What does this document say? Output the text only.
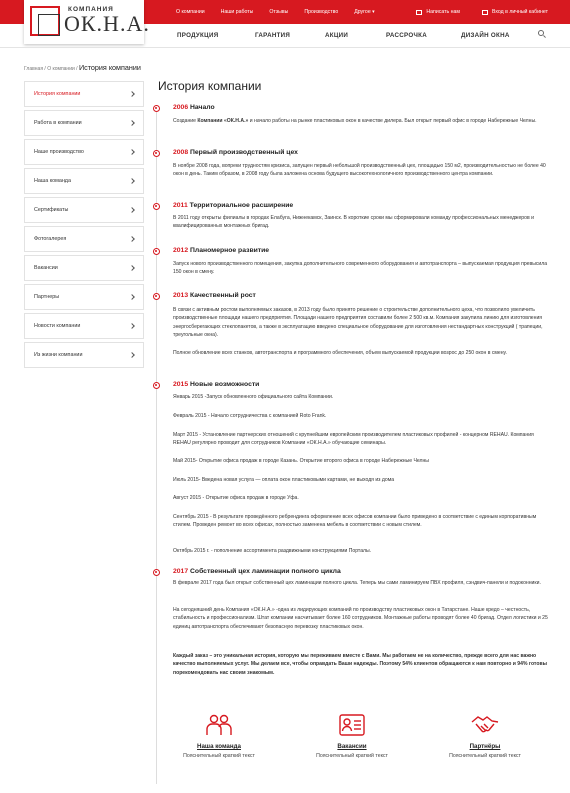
О компании	Наши работы	Отзывы	Производство	Другое ▾	Написать нам	Вход в личный кабинет
КОМПАНИЯ
ОК.Н.А.	ПРОДУКЦИЯ	ГАРАНТИЯ	АКЦИИ	РАССРОЧКА	ДИЗАЙН ОКНА
Главная / О компании / История компании
История компании
Работа в компании
Наше производство
Наша команда
Сертификаты
Фотогалерея
Вакансии
Партнеры
Новости компании
Из жизни компании
История компании
2006 Начало
Создание Компании «ОК.Н.А.» и начало работы на рынке пластиковых окон в качестве дилера. Был открыт первый офис в городе Набережные Челны.
2008 Первый производственный цех
В ноябре 2008 года, вопреки трудностям кризиса, запущен первый небольшой производственный цех, площадью 150 м2, производительностью не более 40 окон в день. Таким образом, в 2008 году была заложена основа будущего высокотехнологичного производственного центра компании.
2011 Территориальное расширение
В 2011 году открыты филиалы в городах Елабуга, Нижнекамск, Заинск. В короткие сроки мы сформировали команду профессиональных менеджеров и квалифицированных монтажных бригад.
2012 Планомерное развитие
Запуск нового производственного помещения, закупка дополнительного современного оборудования и автотранспорта – выпускаемая продукция превысила 150 окон в смену.
2013 Качественный рост
В связи с активным ростом выполняемых заказов, в 2013 году было принято решение о строительстве дополнительного цеха, что позволило увеличить производственные площади нашего предприятия. Площади нашего предприятия составили более 2 500 кв.м. Компания закупила линию для изготовления энергосберегающих стеклопакетов, а также в эксплуатацию введено специальное оборудование для изготовления нестандартных конструкций ( трапеции, треугольные окна).
Полное обновление всех станков, автотранспорта и программного обеспечения, объем выпускаемой продукции возрос до 250 окон в смену.
2015 Новые возможности
Январь 2015 -Запуск обновленного официального сайта Компании.
Февраль 2015 - Начало сотрудничества с компанией Roto Frank.
Март 2015 - Установление партнерских отношений с крупнейшим европейским производителем пластиковых профилей - концерном REHAU. Компания REHAU регулярно проводит для сотрудников Компании «ОК.Н.А.» обучающие семинары.
Май 2015- Открытие офиса продаж в городе Казань. Открытие второго офиса в городе Набережные Челны
Июль 2015- Введена новая услуга — оплата окон пластиковыми картами, не выходя из дома
Август 2015 - Открытие офиса продаж в городе Уфа.
Сентябрь 2015 - В результате проведённого ребрендинга оформление всех офисов компании было приведено в соответствие с единым корпоративным стилем. Проведен ремонт во всех офисах, полностью заменена мебель в соответствии с новым стилем.
Октябрь 2015 г. - пополнение ассортимента раздвижными конструкциями Порталы.
2017 Собственный цех ламинации полного цикла
В феврале 2017 года был открыт собственный цех ламинации полного цикла. Теперь мы сами ламинируем ПВХ профиля, сэндвич-панели и подоконники.
На сегодняшний день Компания «ОК.Н.А.» -одна из лидирующих компаний по производству пластиковых окон в Татарстане. Наше кредо – честность, стабильность и профессионализм. Штат компании насчитывает более 160 сотрудников. Монтажные работы проводят более 40 бригад. Отдел логистики и 25 единиц автотранспорта обеспечивают безопасную перевозку пластиковых окон.
Каждый заказ – это уникальная история, которую мы переживаем вместе с Вами. Мы работаем не на количество, прежде всего для нас важно качество выполняемых услуг. Мы делаем все, чтобы оправдать Ваши надежды. Поэтому 54% клиентов обращаются к нам повторно и 94% готовы порекомендовать нас своим знакомым.
Наша команда
Пояснительный краткий текст
Вакансии
Пояснительный краткий текст
Партнёры
Пояснительный краткий текст
